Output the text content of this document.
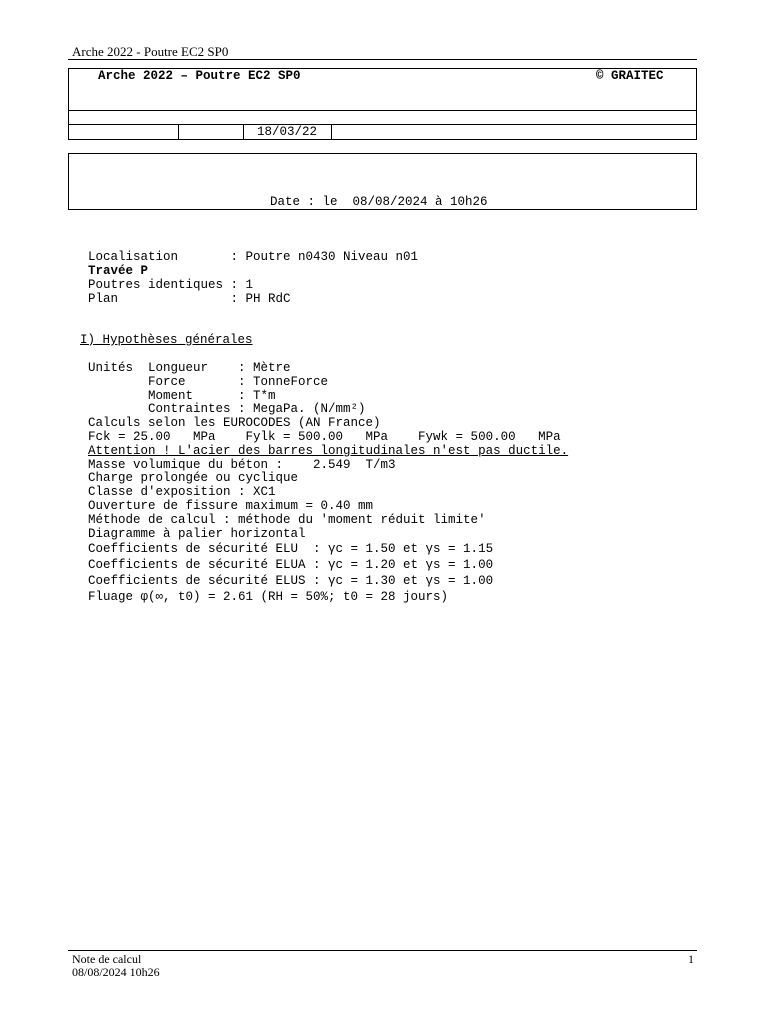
Arche 2022 - Poutre EC2 SP0
Arche 2022 – Poutre EC2 SP0	© GRAITEC
18/03/22
Date : le  08/08/2024 à 10h26
Localisation       : Poutre n0430 Niveau n01
Travée P
Poutres identiques : 1
Plan               : PH RdC
I) Hypothèses générales
Unités  Longueur    : Mètre
Force       : TonneForce
Moment      : T*m
Contraintes : MegaPa. (N/mm²)
Calculs selon les EUROCODES (AN France)
Fck = 25.00   MPa    Fylk = 500.00   MPa    Fywk = 500.00   MPa
Attention ! L'acier des barres longitudinales n'est pas ductile.
Masse volumique du béton :    2.549  T/m3
Charge prolongée ou cyclique
Classe d'exposition : XC1
Ouverture de fissure maximum = 0.40 mm
Méthode de calcul : méthode du 'moment réduit limite'
Diagramme à palier horizontal
Coefficients de sécurité ELU  : γc = 1.50 et γs = 1.15
Coefficients de sécurité ELUA : γc = 1.20 et γs = 1.00
Coefficients de sécurité ELUS : γc = 1.30 et γs = 1.00
Fluage φ(∞, t0) = 2.61 (RH = 50%; t0 = 28 jours)
Note de calcul
08/08/2024 10h26
1
